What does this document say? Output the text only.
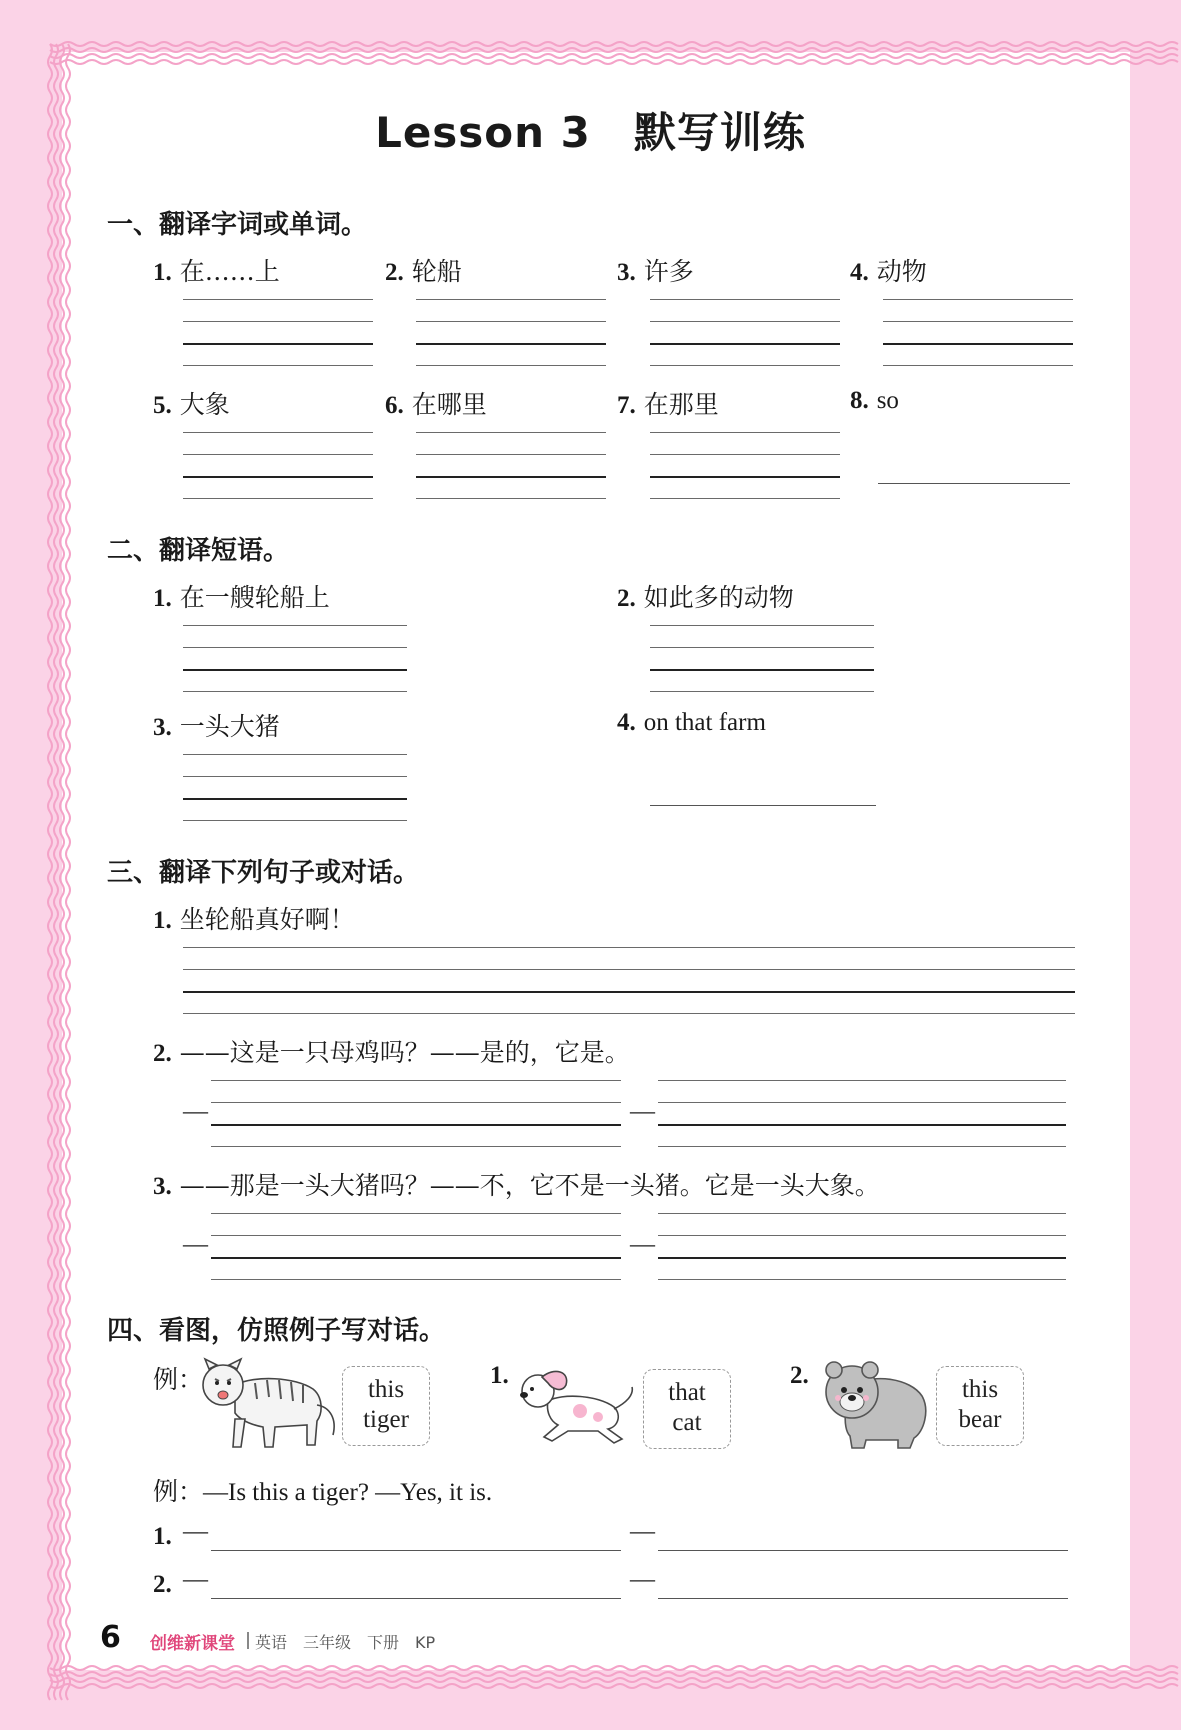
Lesson 3　默写训练
一、翻译字词或单词。
1. 在……上	2. 轮船	3. 许多	4. 动物
5. 大象	6. 在哪里	7. 在那里	8. so
二、翻译短语。
1. 在一艘轮船上	2. 如此多的动物
3. 一头大猪	4. on that farm
三、翻译下列句子或对话。
1. 坐轮船真好啊！
2. ——这是一只母鸡吗？——是的，它是。
—	—
3. ——那是一头大猪吗？——不，它不是一头猪。它是一头大象。
—	—
四、看图，仿照例子写对话。
例：	this
tiger
1.
that
cat
2.
this
bear
例：—Is this a tiger? —Yes, it is.
1. —	—
2. —	—
6 创维新课堂 英语　三年级　下册　KP
